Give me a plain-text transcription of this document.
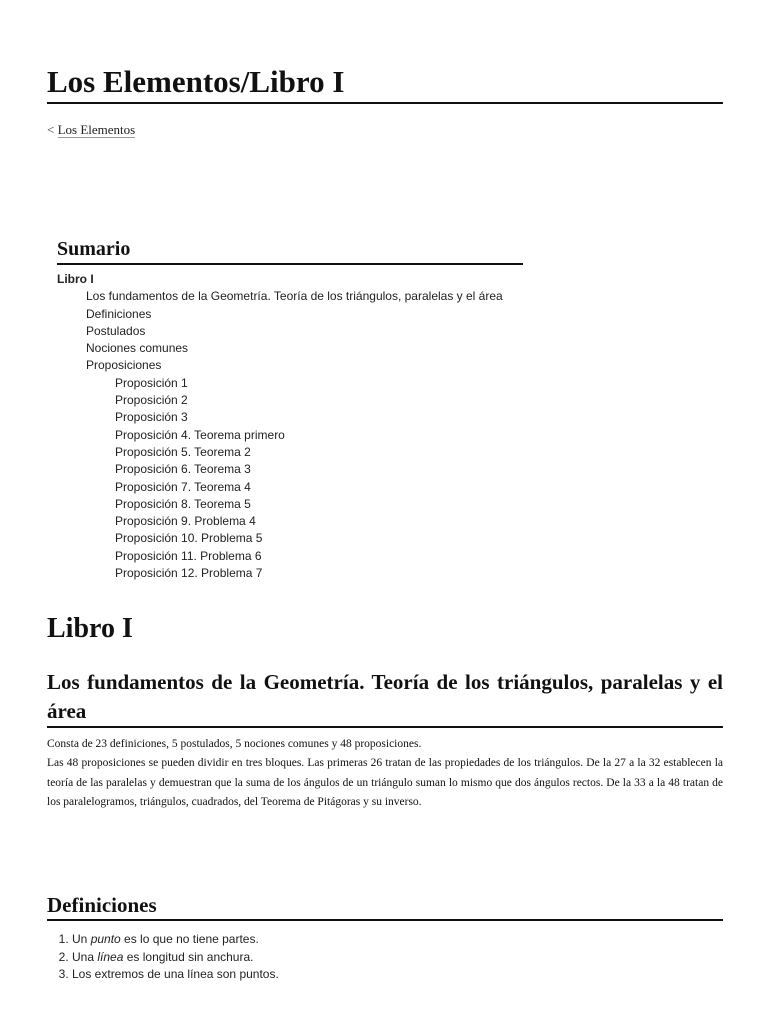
Los Elementos/Libro I
< Los Elementos
Sumario
Libro I
Los fundamentos de la Geometría. Teoría de los triángulos, paralelas y el área
Definiciones
Postulados
Nociones comunes
Proposiciones
Proposición 1
Proposición 2
Proposición 3
Proposición 4. Teorema primero
Proposición 5. Teorema 2
Proposición 6. Teorema 3
Proposición 7. Teorema 4
Proposición 8. Teorema 5
Proposición 9. Problema 4
Proposición 10. Problema 5
Proposición 11. Problema 6
Proposición 12. Problema 7
Libro I
Los fundamentos de la Geometría. Teoría de los triángulos, paralelas y el área

Consta de 23 definiciones, 5 postulados, 5 nociones comunes y 48 proposiciones.

Las 48 proposiciones se pueden dividir en tres bloques. Las primeras 26 tratan de las propiedades de los triángulos. De la 27 a la 32 establecen la teoría de las paralelas y demuestran que la suma de los ángulos de un triángulo suman lo mismo que dos ángulos rectos. De la 33 a la 48 tratan de los paralelogramos, triángulos, cuadrados, del Teorema de Pitágoras y su inverso.

Definiciones
1. Un punto es lo que no tiene partes.
2. Una línea es longitud sin anchura.
3. Los extremos de una línea son puntos.
